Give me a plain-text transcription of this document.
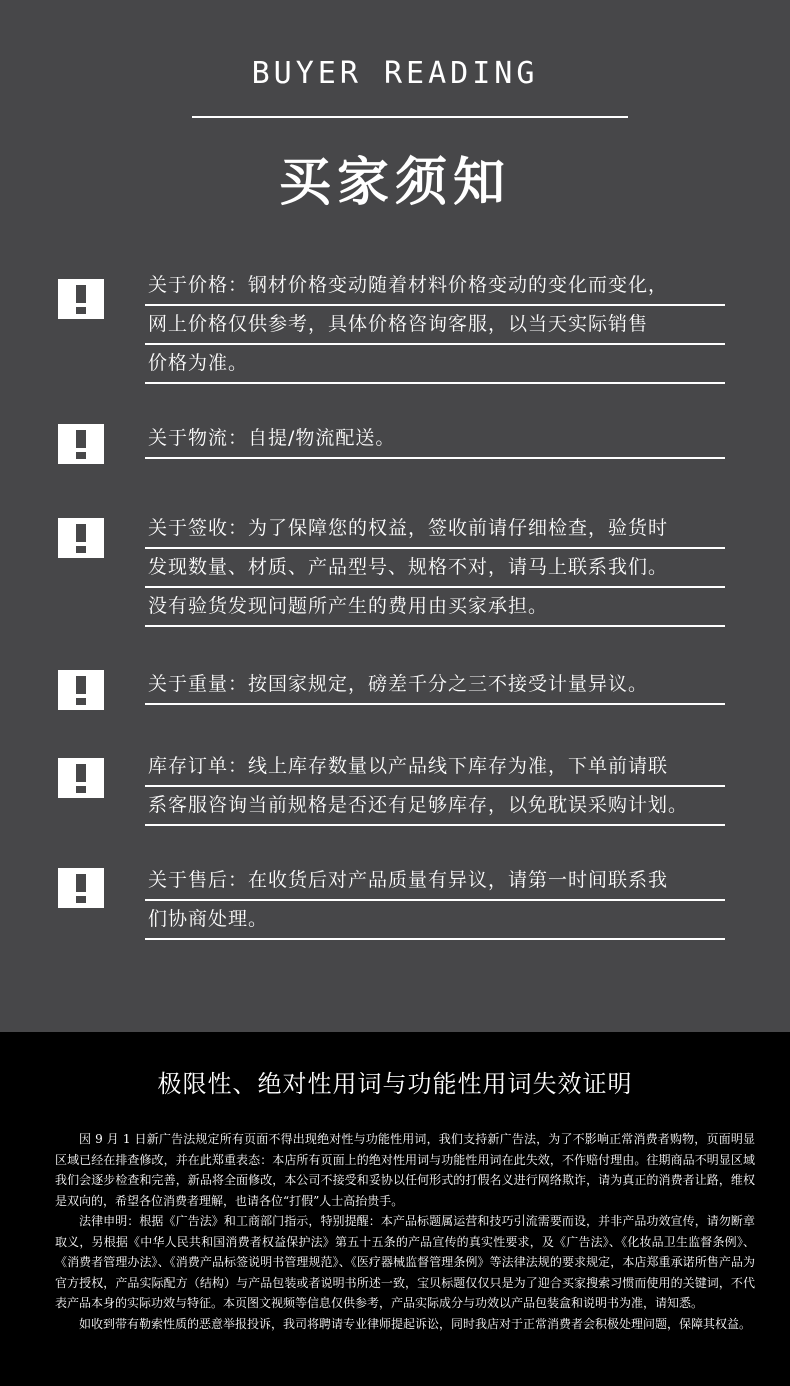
BUYER READING
买家须知
关于价格：钢材价格变动随着材料价格变动的变化而变化，
网上价格仅供参考，具体价格咨询客服，以当天实际销售
价格为准。
关于物流：自提/物流配送。
关于签收：为了保障您的权益，签收前请仔细检查，验货时
发现数量、材质、产品型号、规格不对，请马上联系我们。
没有验货发现问题所产生的费用由买家承担。
关于重量：按国家规定，磅差千分之三不接受计量异议。
库存订单：线上库存数量以产品线下库存为准，下单前请联
系客服咨询当前规格是否还有足够库存，以免耽误采购计划。
关于售后：在收货后对产品质量有异议，请第一时间联系我
们协商处理。
极限性、绝对性用词与功能性用词失效证明

因 9 月 1 日新广告法规定所有页面不得出现绝对性与功能性用词，我们支持新广告法，为了不影响正常消费者购物，页面明显区域已经在排查修改，并在此郑重表态：本店所有页面上的绝对性用词与功能性用词在此失效，不作赔付理由。往期商品不明显区域我们会逐步检查和完善，新品将全面修改，本公司不接受和妥协以任何形式的打假名义进行网络欺诈，请为真正的消费者让路，维权是双向的，希望各位消费者理解，也请各位“打假”人士高抬贵手。

法律申明：根据《广告法》和工商部门指示，特别提醒：本产品标题属运营和技巧引流需要而设，并非产品功效宣传，请勿断章取义，另根据《中华人民共和国消费者权益保护法》第五十五条的产品宣传的真实性要求，及《广告法》、《化妆品卫生监督条例》、《消费者管理办法》、《消费产品标签说明书管理规范》、《医疗器械监督管理条例》等法律法规的要求规定，本店郑重承诺所售产品为官方授权，产品实际配方（结构）与产品包装或者说明书所述一致，宝贝标题仅仅只是为了迎合买家搜索习惯而使用的关键词，不代表产品本身的实际功效与特征。本页图文视频等信息仅供参考，产品实际成分与功效以产品包装盒和说明书为准，请知悉。

如收到带有勒索性质的恶意举报投诉，我司将聘请专业律师提起诉讼，同时我店对于正常消费者会积极处理问题，保障其权益。
